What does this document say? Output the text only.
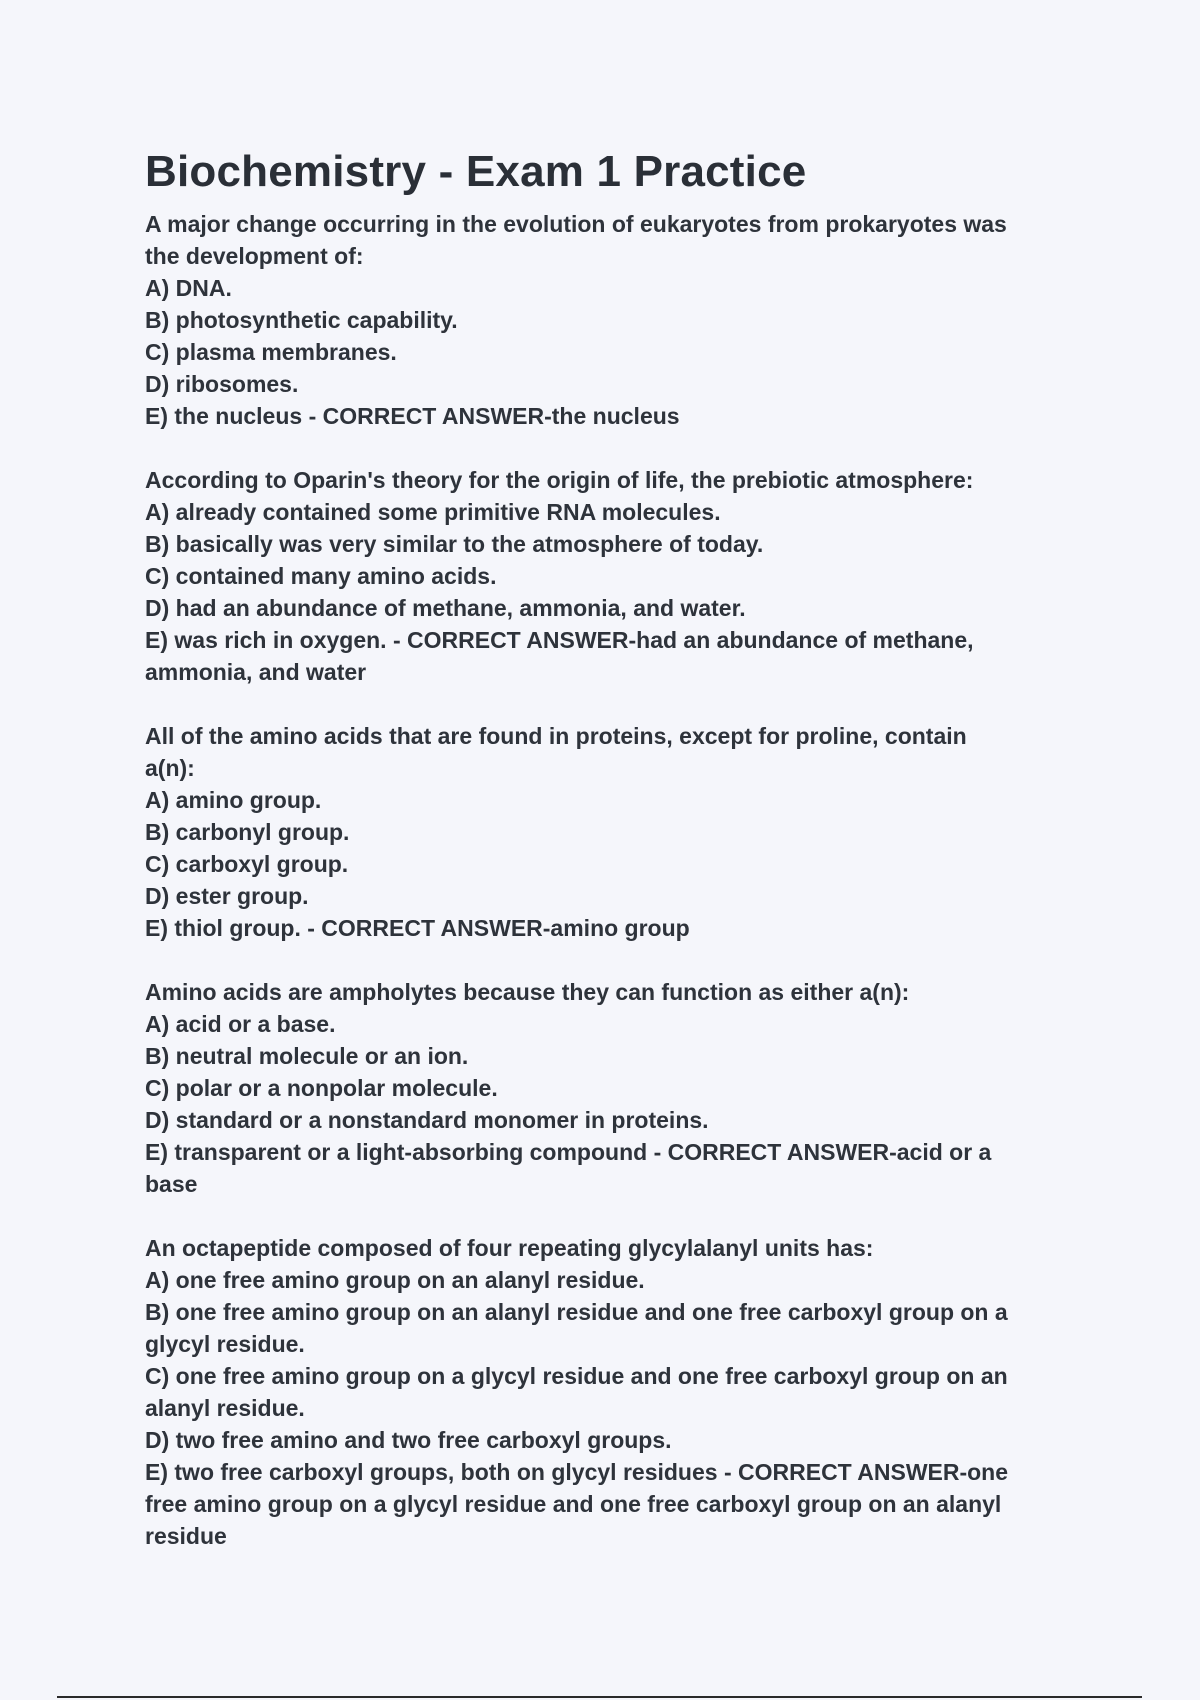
Biochemistry - Exam 1 Practice
A major change occurring in the evolution of eukaryotes from prokaryotes was
the development of:
A) DNA.
B) photosynthetic capability.
C) plasma membranes.
D) ribosomes.
E) the nucleus - CORRECT ANSWER-the nucleus
According to Oparin's theory for the origin of life, the prebiotic atmosphere:
A) already contained some primitive RNA molecules.
B) basically was very similar to the atmosphere of today.
C) contained many amino acids.
D) had an abundance of methane, ammonia, and water.
E) was rich in oxygen. - CORRECT ANSWER-had an abundance of methane,
ammonia, and water
All of the amino acids that are found in proteins, except for proline, contain
a(n):
A) amino group.
B) carbonyl group.
C) carboxyl group.
D) ester group.
E) thiol group. - CORRECT ANSWER-amino group
Amino acids are ampholytes because they can function as either a(n):
A) acid or a base.
B) neutral molecule or an ion.
C) polar or a nonpolar molecule.
D) standard or a nonstandard monomer in proteins.
E) transparent or a light-absorbing compound - CORRECT ANSWER-acid or a
base
An octapeptide composed of four repeating glycylalanyl units has:
A) one free amino group on an alanyl residue.
B) one free amino group on an alanyl residue and one free carboxyl group on a
glycyl residue.
C) one free amino group on a glycyl residue and one free carboxyl group on an
alanyl residue.
D) two free amino and two free carboxyl groups.
E) two free carboxyl groups, both on glycyl residues - CORRECT ANSWER-one
free amino group on a glycyl residue and one free carboxyl group on an alanyl
residue
